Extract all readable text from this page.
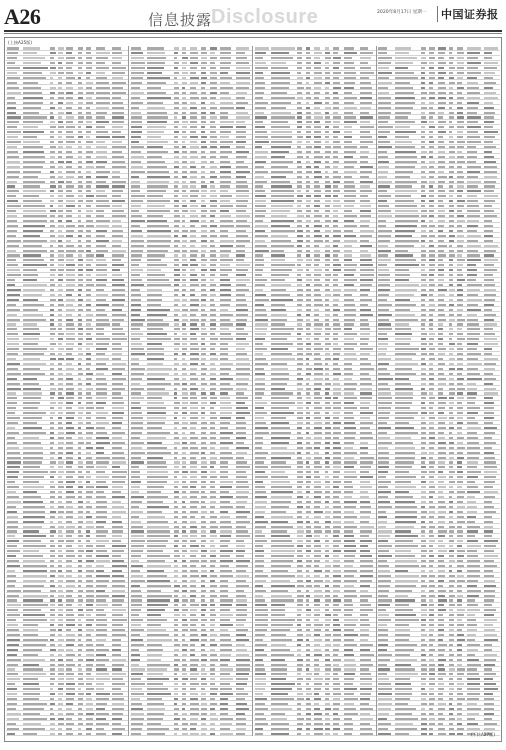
A26	信息披露
Disclosure	2020年8月17日 星期一 中国证券报
(上接A25版)
(下转A27版)
